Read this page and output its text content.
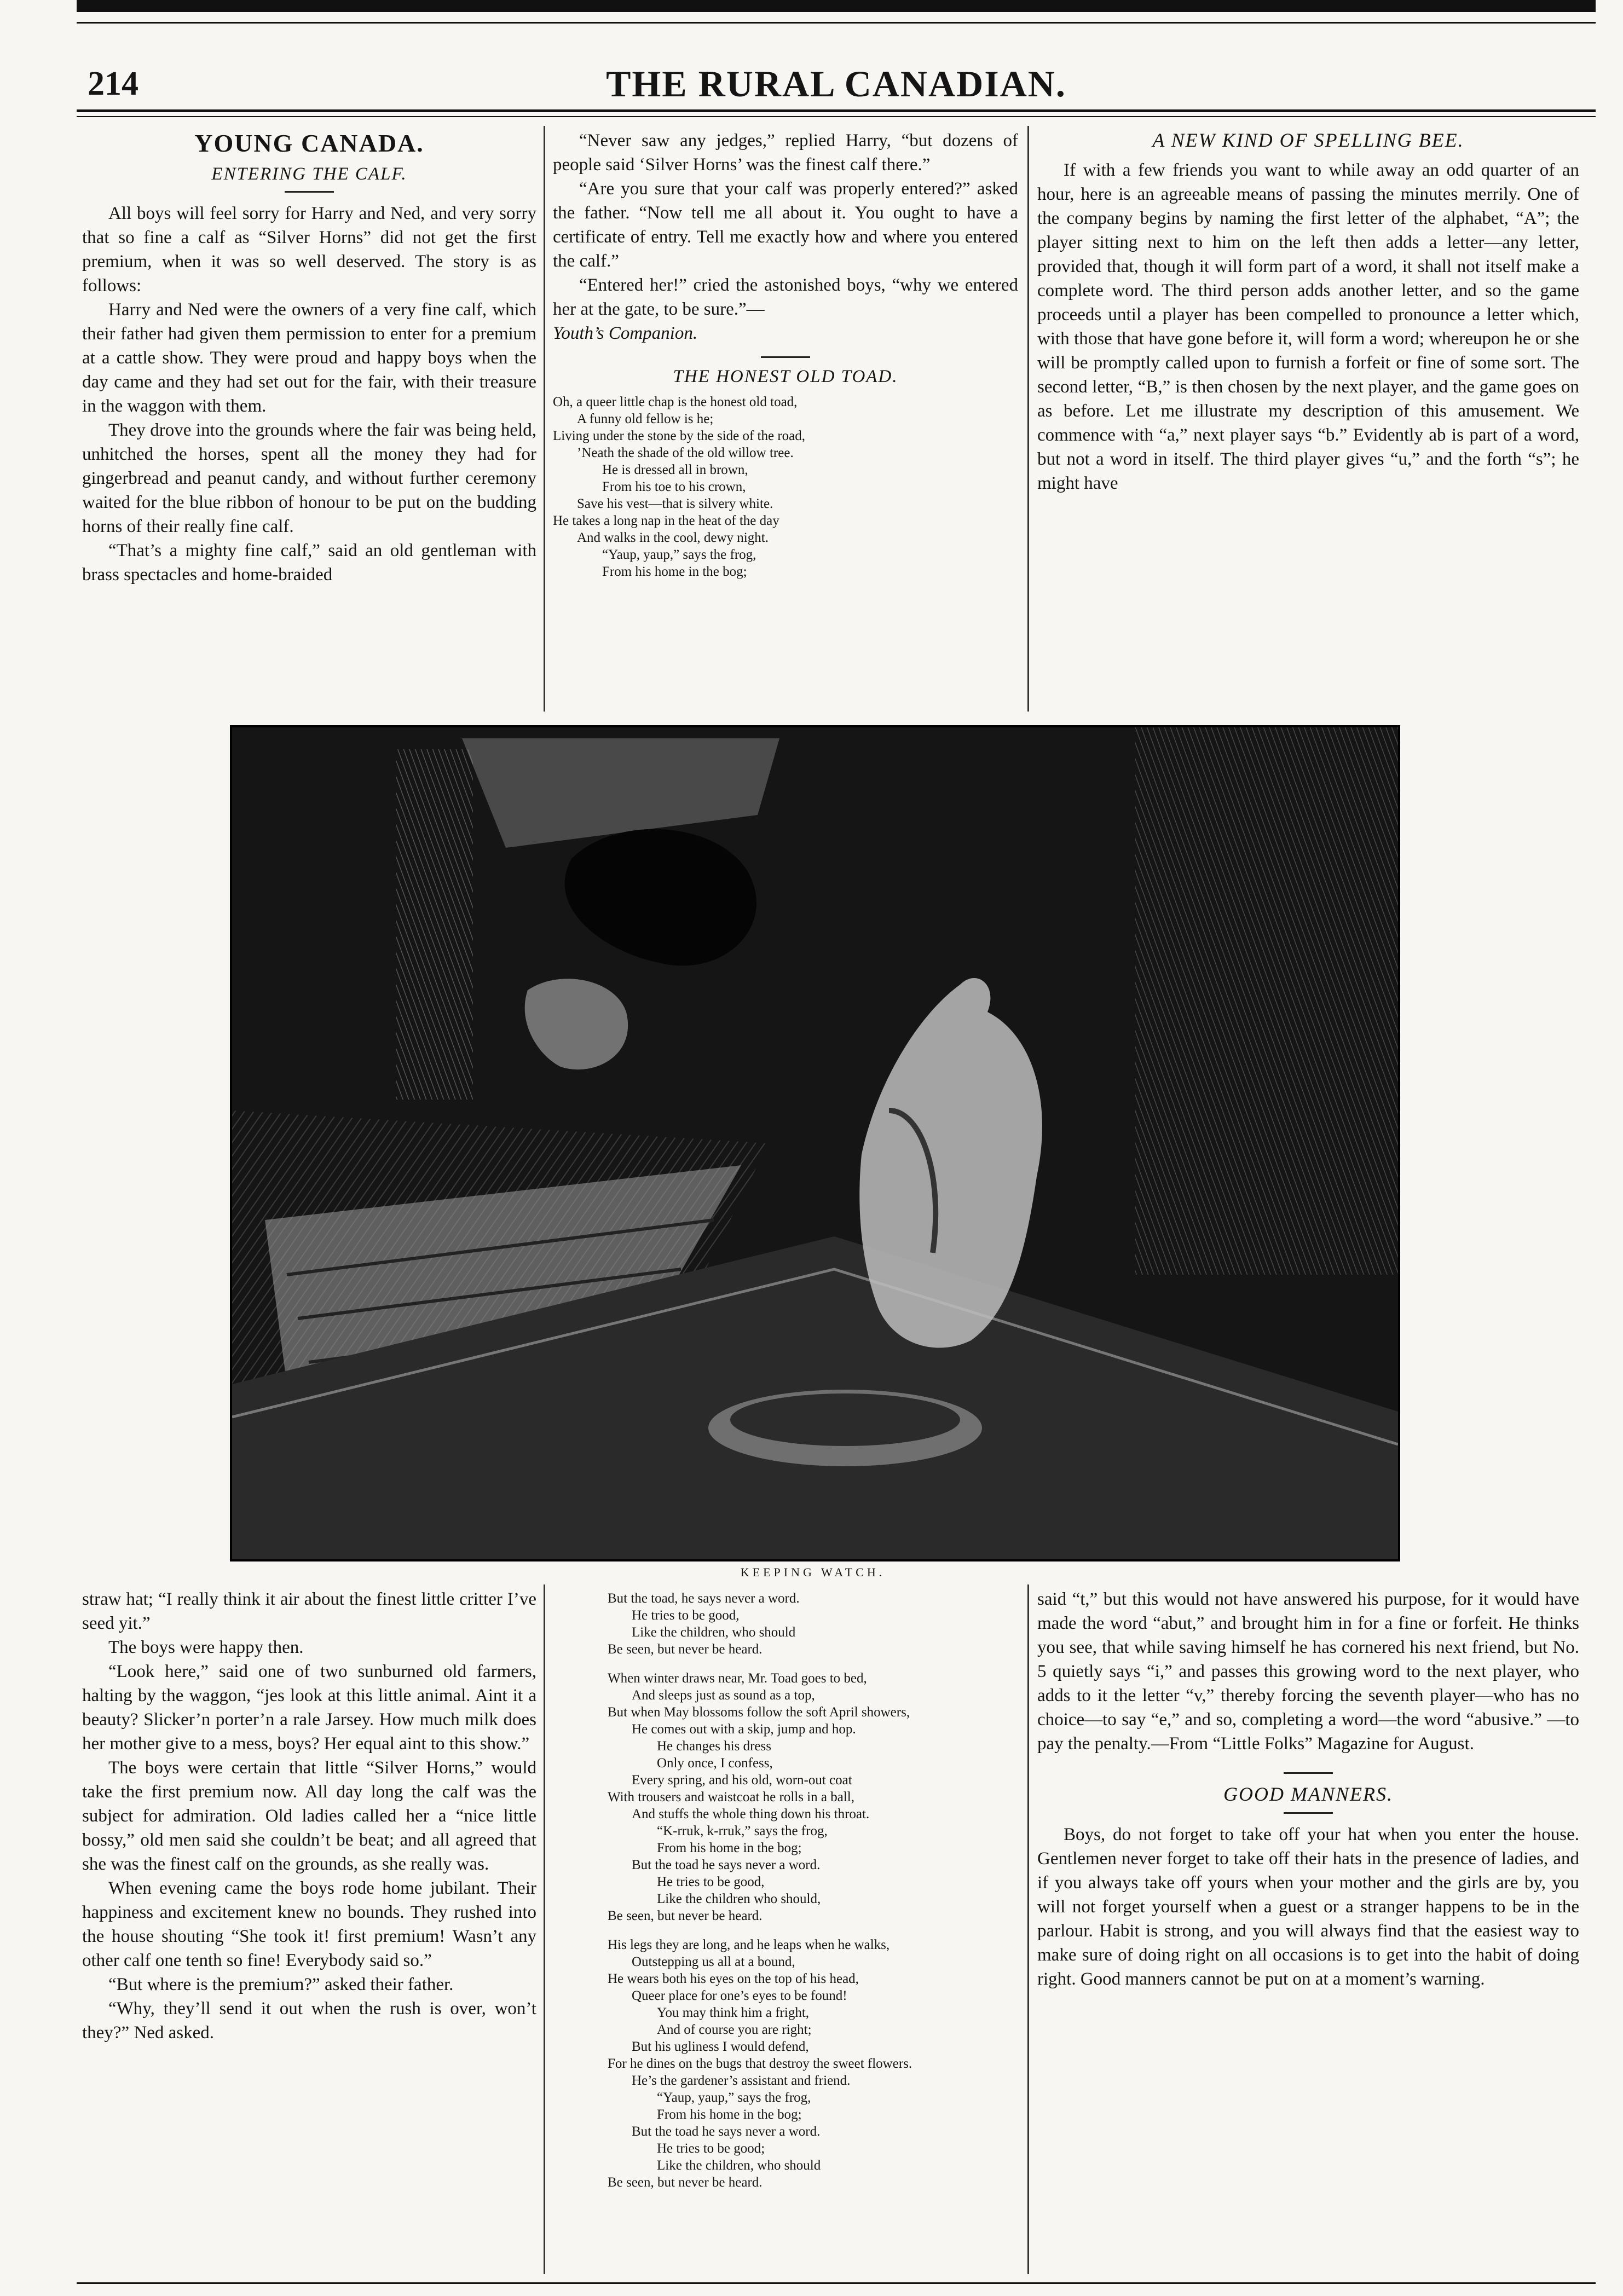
214	THE RURAL CANADIAN.
YOUNG CANADA.
ENTERING THE CALF.

All boys will feel sorry for Harry and Ned, and very sorry that so fine a calf as “Silver Horns” did not get the first premium, when it was so well deserved. The story is as follows:

Harry and Ned were the owners of a very fine calf, which their father had given them permission to enter for a premium at a cattle show. They were proud and happy boys when the day came and they had set out for the fair, with their treasure in the waggon with them.

They drove into the grounds where the fair was being held, unhitched the horses, spent all the money they had for gingerbread and peanut candy, and without further ceremony waited for the blue ribbon of honour to be put on the budding horns of their really fine calf.

“That’s a mighty fine calf,” said an old gentleman with brass spectacles and home-braided

“Never saw any jedges,” replied Harry, “but dozens of people said ‘Silver Horns’ was the finest calf there.”

“Are you sure that your calf was properly entered?” asked the father. “Now tell me all about it. You ought to have a certificate of entry. Tell me exactly how and where you entered the calf.”

“Entered her!” cried the astonished boys, “why we entered her at the gate, to be sure.”—

Youth’s Companion.

THE HONEST OLD TOAD.
Oh, a queer little chap is the honest old toad,
A funny old fellow is he;
Living under the stone by the side of the road,
’Neath the shade of the old willow tree.
He is dressed all in brown,
From his toe to his crown,
Save his vest—that is silvery white.
He takes a long nap in the heat of the day
And walks in the cool, dewy night.
“Yaup, yaup,” says the frog,
From his home in the bog;
A NEW KIND OF SPELLING BEE.

If with a few friends you want to while away an odd quarter of an hour, here is an agreeable means of passing the minutes merrily. One of the company begins by naming the first letter of the alphabet, “A”; the player sitting next to him on the left then adds a letter—any letter, provided that, though it will form part of a word, it shall not itself make a complete word. The third person adds another letter, and so the game proceeds until a player has been compelled to pronounce a letter which, with those that have gone before it, will form a word; whereupon he or she will be promptly called upon to furnish a forfeit or fine of some sort. The second letter, “B,” is then chosen by the next player, and the game goes on as before. Let me illustrate my description of this amusement. We commence with “a,” next player says “b.” Evidently ab is part of a word, but not a word in itself. The third player gives “u,” and the forth “s”; he might have

KEEPING WATCH.

straw hat; “I really think it air about the finest little critter I’ve seed yit.”

The boys were happy then.

“Look here,” said one of two sunburned old farmers, halting by the waggon, “jes look at this little animal. Aint it a beauty? Slicker’n porter’n a rale Jarsey. How much milk does her mother give to a mess, boys? Her equal aint to this show.”

The boys were certain that little “Silver Horns,” would take the first premium now. All day long the calf was the subject for admiration. Old ladies called her a “nice little bossy,” old men said she couldn’t be beat; and all agreed that she was the finest calf on the grounds, as she really was.

When evening came the boys rode home jubilant. Their happiness and excitement knew no bounds. They rushed into the house shouting “She took it! first premium! Wasn’t any other calf one tenth so fine! Everybody said so.”

“But where is the premium?” asked their father.

“Why, they’ll send it out when the rush is over, won’t they?” Ned asked.

But the toad, he says never a word.
He tries to be good,
Like the children, who should
Be seen, but never be heard.
When winter draws near, Mr. Toad goes to bed,
And sleeps just as sound as a top,
But when May blossoms follow the soft April showers,
He comes out with a skip, jump and hop.
He changes his dress
Only once, I confess,
Every spring, and his old, worn-out coat
With trousers and waistcoat he rolls in a ball,
And stuffs the whole thing down his throat.
“K-rruk, k-rruk,” says the frog,
From his home in the bog;
But the toad he says never a word.
He tries to be good,
Like the children who should,
Be seen, but never be heard.
His legs they are long, and he leaps when he walks,
Outstepping us all at a bound,
He wears both his eyes on the top of his head,
Queer place for one’s eyes to be found!
You may think him a fright,
And of course you are right;
But his ugliness I would defend,
For he dines on the bugs that destroy the sweet flowers.
He’s the gardener’s assistant and friend.
“Yaup, yaup,” says the frog,
From his home in the bog;
But the toad he says never a word.
He tries to be good;
Like the children, who should
Be seen, but never be heard.

said “t,” but this would not have answered his purpose, for it would have made the word “abut,” and brought him in for a fine or forfeit. He thinks you see, that while saving himself he has cornered his next friend, but No. 5 quietly says “i,” and passes this growing word to the next player, who adds to it the letter “v,” thereby forcing the seventh player—who has no choice—to say “e,” and so, completing a word—the word “abusive.” —to pay the penalty.—From “Little Folks” Magazine for August.

GOOD MANNERS.

Boys, do not forget to take off your hat when you enter the house. Gentlemen never forget to take off their hats in the presence of ladies, and if you always take off yours when your mother and the girls are by, you will not forget yourself when a guest or a stranger happens to be in the parlour. Habit is strong, and you will always find that the easiest way to make sure of doing right on all occasions is to get into the habit of doing right. Good manners cannot be put on at a moment’s warning.
